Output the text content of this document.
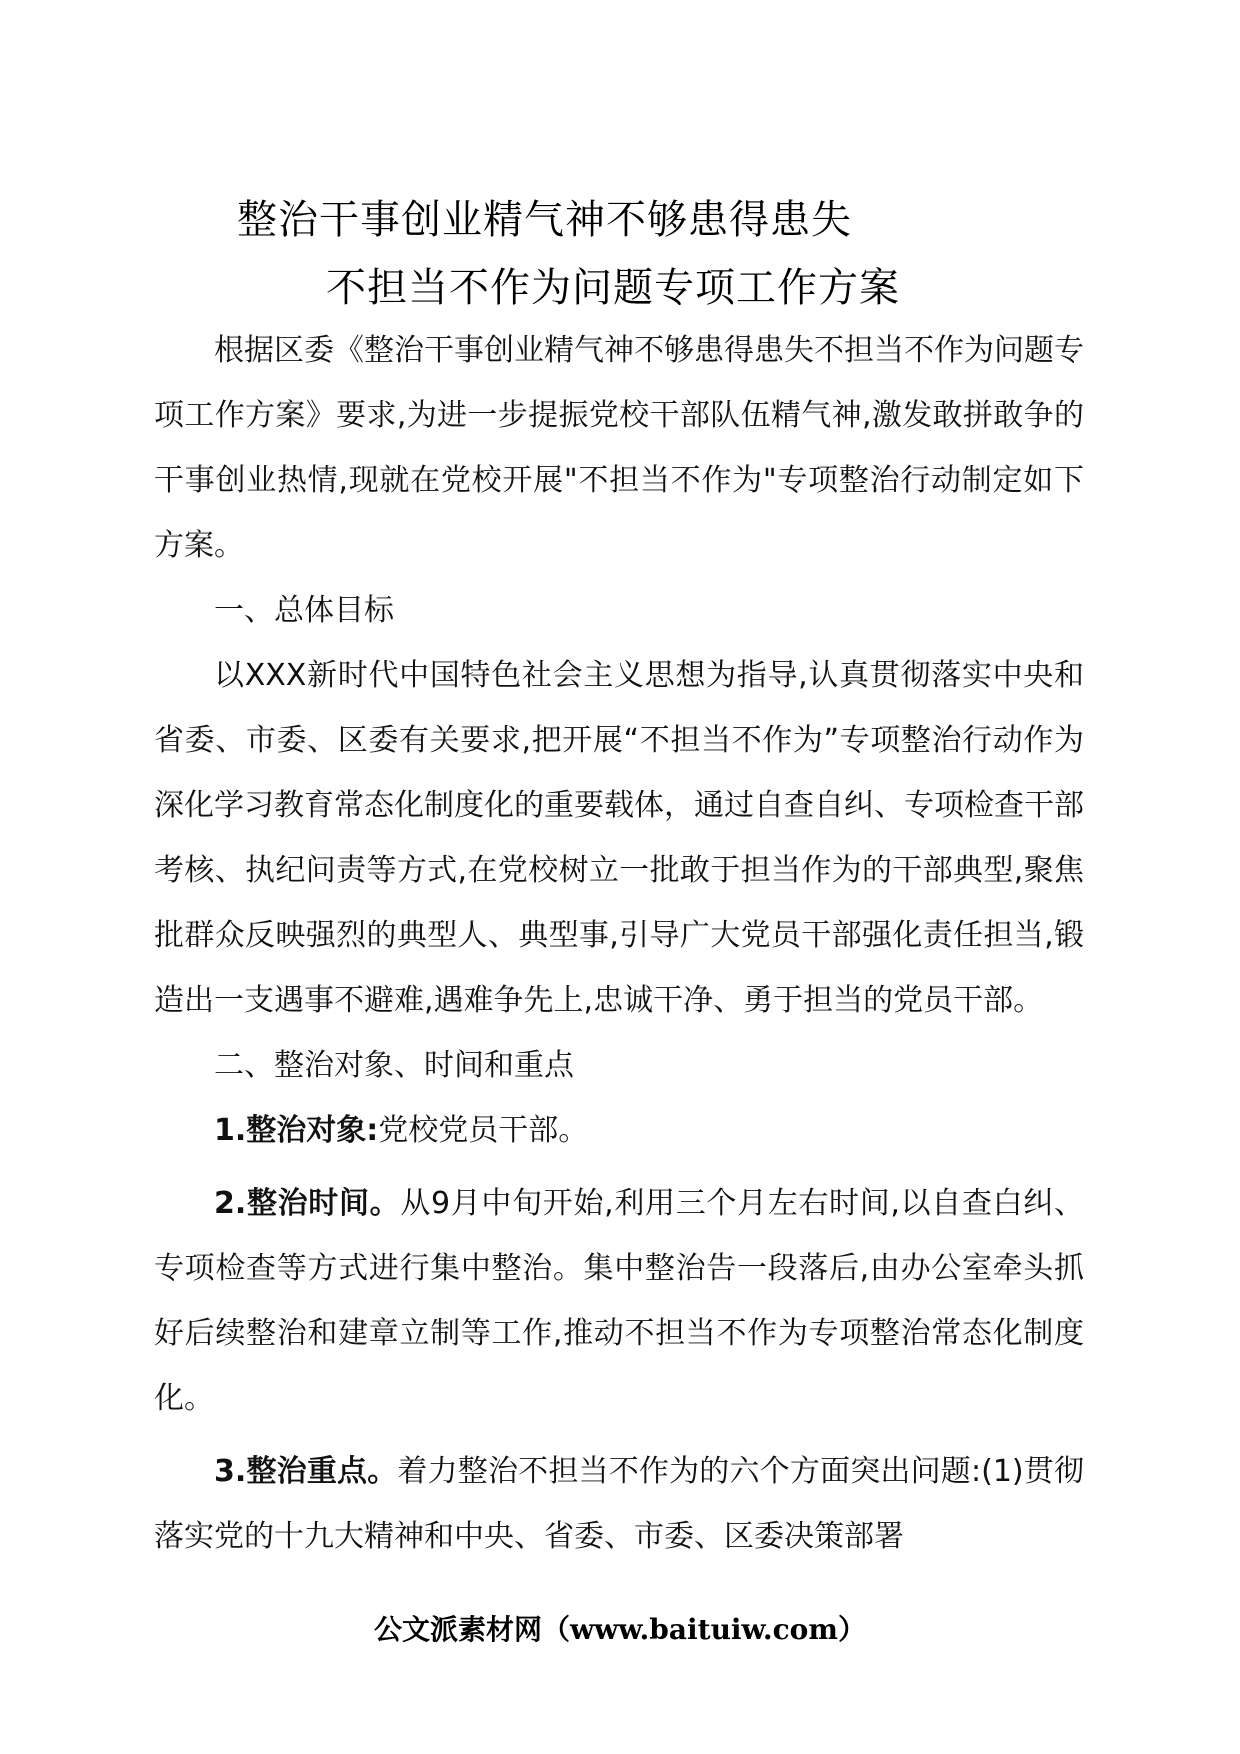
整治干事创业精气神不够患得患失
不担当不作为问题专项工作方案

根据区委《整治干事创业精气神不够患得患失不担当不作为问题专项工作方案》要求,为进一步提振党校干部队伍精气神,激发敢拼敢争的干事创业热情,现就在党校开展"不担当不作为"专项整治行动制定如下方案。

一、总体目标

以XXX新时代中国特色社会主义思想为指导,认真贯彻落实中央和省委、市委、区委有关要求,把开展“不担当不作为”专项整治行动作为深化学习教育常态化制度化的重要载体，通过自查自纠、专项检查干部考核、执纪问责等方式,在党校树立一批敢于担当作为的干部典型,聚焦批群众反映强烈的典型人、典型事,引导广大党员干部强化责任担当,锻造出一支遇事不避难,遇难争先上,忠诚干净、勇于担当的党员干部。

二、整治对象、时间和重点

1.整治对象:党校党员干部。

2.整治时间。从9月中旬开始,利用三个月左右时间,以自查白纠、专项检查等方式进行集中整治。集中整治告一段落后,由办公室牵头抓好后续整治和建章立制等工作,推动不担当不作为专项整治常态化制度化。

3.整治重点。着力整治不担当不作为的六个方面突出问题:(1)贯彻落实党的十九大精神和中央、省委、市委、区委决策部署

公文派素材网（www.baituiw.com）
